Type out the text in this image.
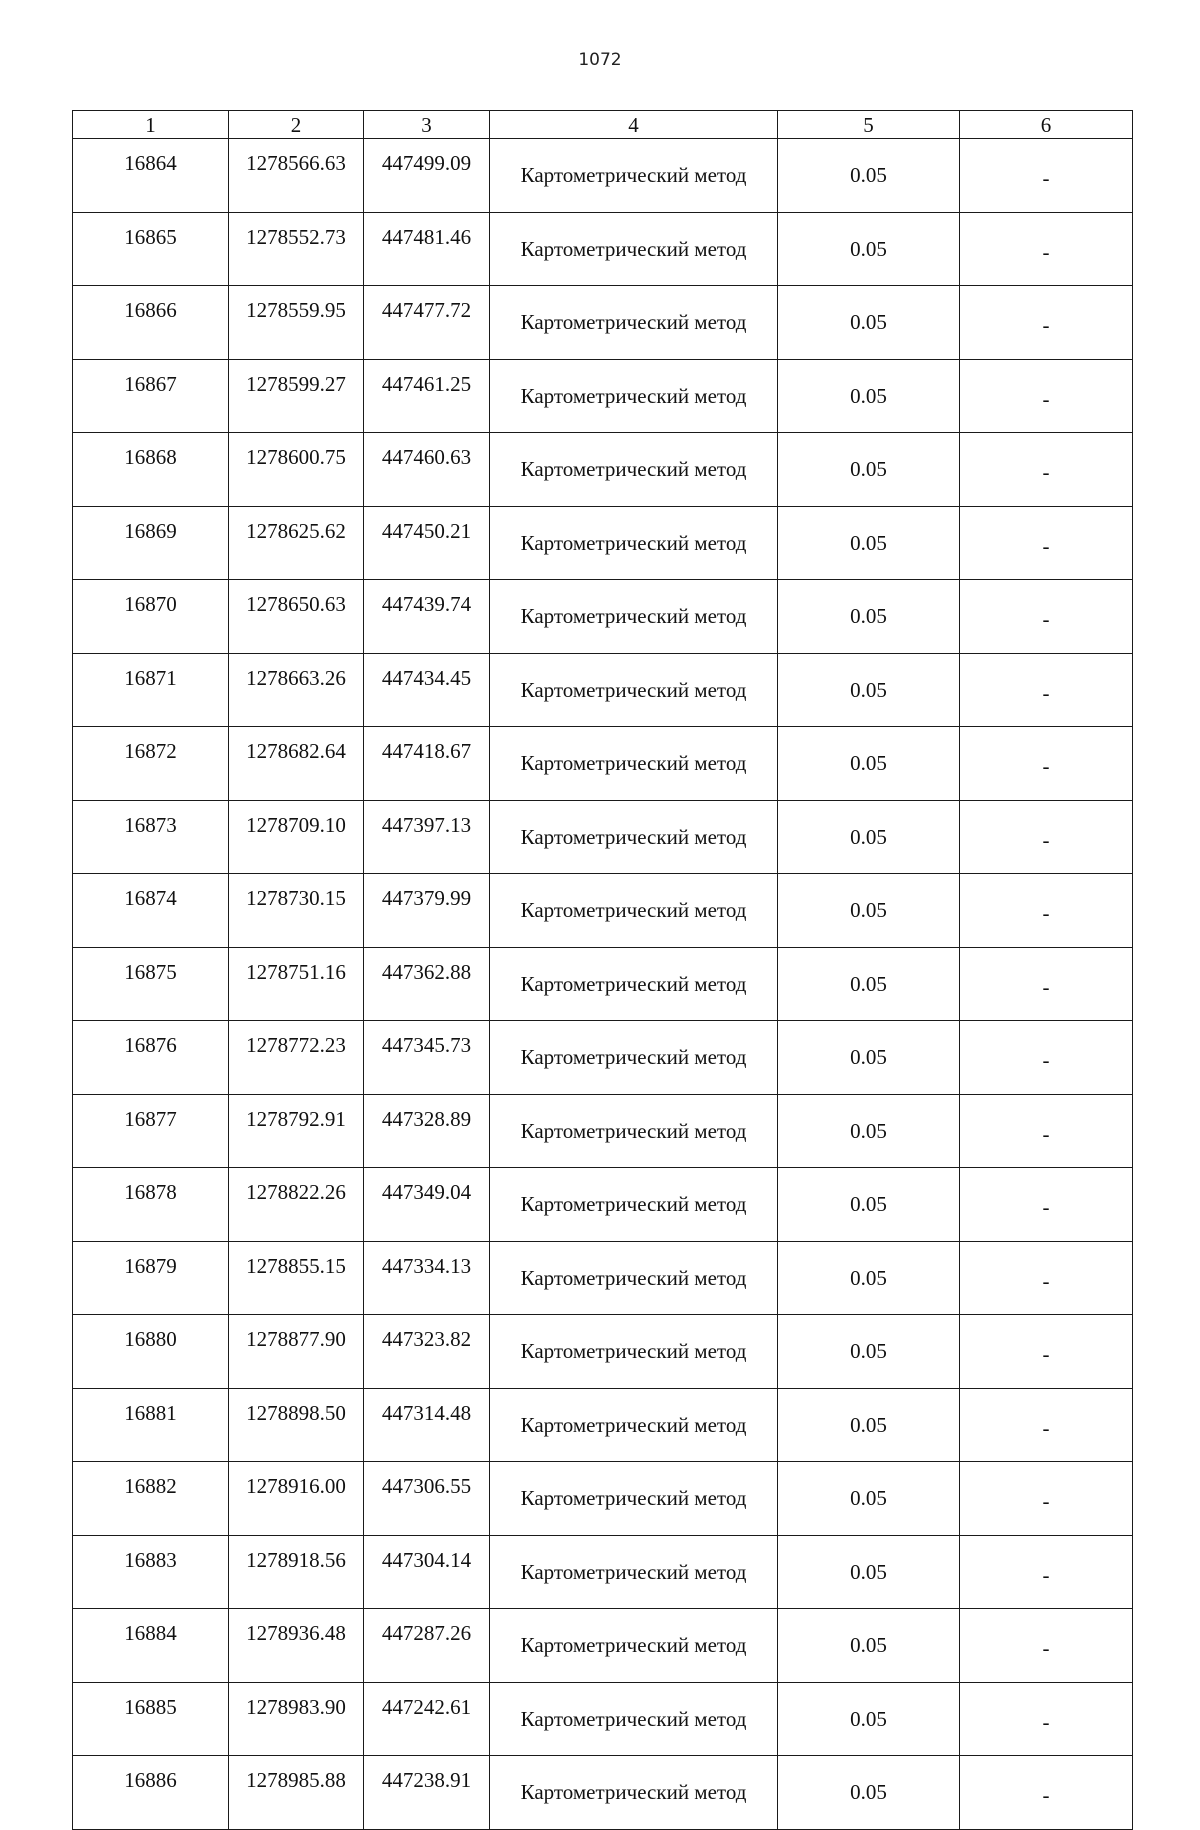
1072
1	2	3	4	5	6
16864	1278566.63	447499.09	Картометрический метод	0.05	-
16865	1278552.73	447481.46	Картометрический метод	0.05	-
16866	1278559.95	447477.72	Картометрический метод	0.05	-
16867	1278599.27	447461.25	Картометрический метод	0.05	-
16868	1278600.75	447460.63	Картометрический метод	0.05	-
16869	1278625.62	447450.21	Картометрический метод	0.05	-
16870	1278650.63	447439.74	Картометрический метод	0.05	-
16871	1278663.26	447434.45	Картометрический метод	0.05	-
16872	1278682.64	447418.67	Картометрический метод	0.05	-
16873	1278709.10	447397.13	Картометрический метод	0.05	-
16874	1278730.15	447379.99	Картометрический метод	0.05	-
16875	1278751.16	447362.88	Картометрический метод	0.05	-
16876	1278772.23	447345.73	Картометрический метод	0.05	-
16877	1278792.91	447328.89	Картометрический метод	0.05	-
16878	1278822.26	447349.04	Картометрический метод	0.05	-
16879	1278855.15	447334.13	Картометрический метод	0.05	-
16880	1278877.90	447323.82	Картометрический метод	0.05	-
16881	1278898.50	447314.48	Картометрический метод	0.05	-
16882	1278916.00	447306.55	Картометрический метод	0.05	-
16883	1278918.56	447304.14	Картометрический метод	0.05	-
16884	1278936.48	447287.26	Картометрический метод	0.05	-
16885	1278983.90	447242.61	Картометрический метод	0.05	-
16886	1278985.88	447238.91	Картометрический метод	0.05	-
